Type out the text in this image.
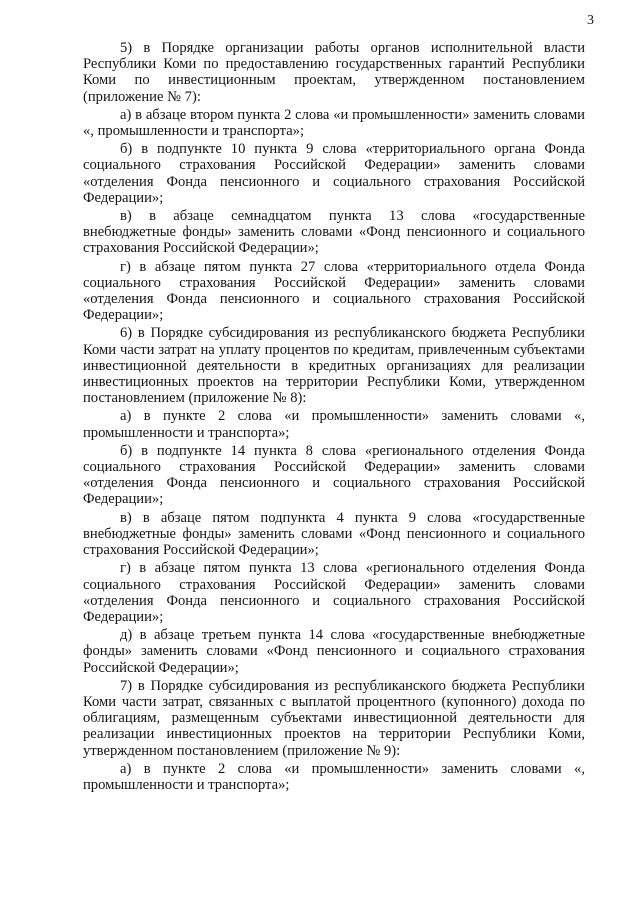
3

5) в Порядке организации работы органов исполнительной власти Республики Коми по предоставлению государственных гарантий Республики Коми по инвестиционным проектам, утвержденном постановлением (приложение № 7):

а) в абзаце втором пункта 2 слова «и промышленности» заменить словами «, промышленности и транспорта»;

б) в подпункте 10 пункта 9 слова «территориального органа Фонда социального страхования Российской Федерации» заменить словами «отделения Фонда пенсионного и социального страхования Российской Федерации»;

в) в абзаце семнадцатом пункта 13 слова «государственные внебюджетные фонды» заменить словами «Фонд пенсионного и социального страхования Российской Федерации»;

г) в абзаце пятом пункта 27 слова «территориального отдела Фонда социального страхования Российской Федерации» заменить словами «отделения Фонда пенсионного и социального страхования Российской Федерации»;

6) в Порядке субсидирования из республиканского бюджета Республики Коми части затрат на уплату процентов по кредитам, привлеченным субъектами инвестиционной деятельности в кредитных организациях для реализации инвестиционных проектов на территории Республики Коми, утвержденном постановлением (приложение № 8):

а) в пункте 2 слова «и промышленности» заменить словами «, промышленности и транспорта»;

б) в подпункте 14 пункта 8 слова «регионального отделения Фонда социального страхования Российской Федерации» заменить словами «отделения Фонда пенсионного и социального страхования Российской Федерации»;

в) в абзаце пятом подпункта 4 пункта 9 слова «государственные внебюджетные фонды» заменить словами «Фонд пенсионного и социального страхования Российской Федерации»;

г) в абзаце пятом пункта 13 слова «регионального отделения Фонда социального страхования Российской Федерации» заменить словами «отделения Фонда пенсионного и социального страхования Российской Федерации»;

д) в абзаце третьем пункта 14 слова «государственные внебюджетные фонды» заменить словами «Фонд пенсионного и социального страхования Российской Федерации»;

7) в Порядке субсидирования из республиканского бюджета Республики Коми части затрат, связанных с выплатой процентного (купонного) дохода по облигациям, размещенным субъектами инвестиционной деятельности для реализации инвестиционных проектов на территории Республики Коми, утвержденном постановлением (приложение № 9):

а) в пункте 2 слова «и промышленности» заменить словами «, промышленности и транспорта»;
